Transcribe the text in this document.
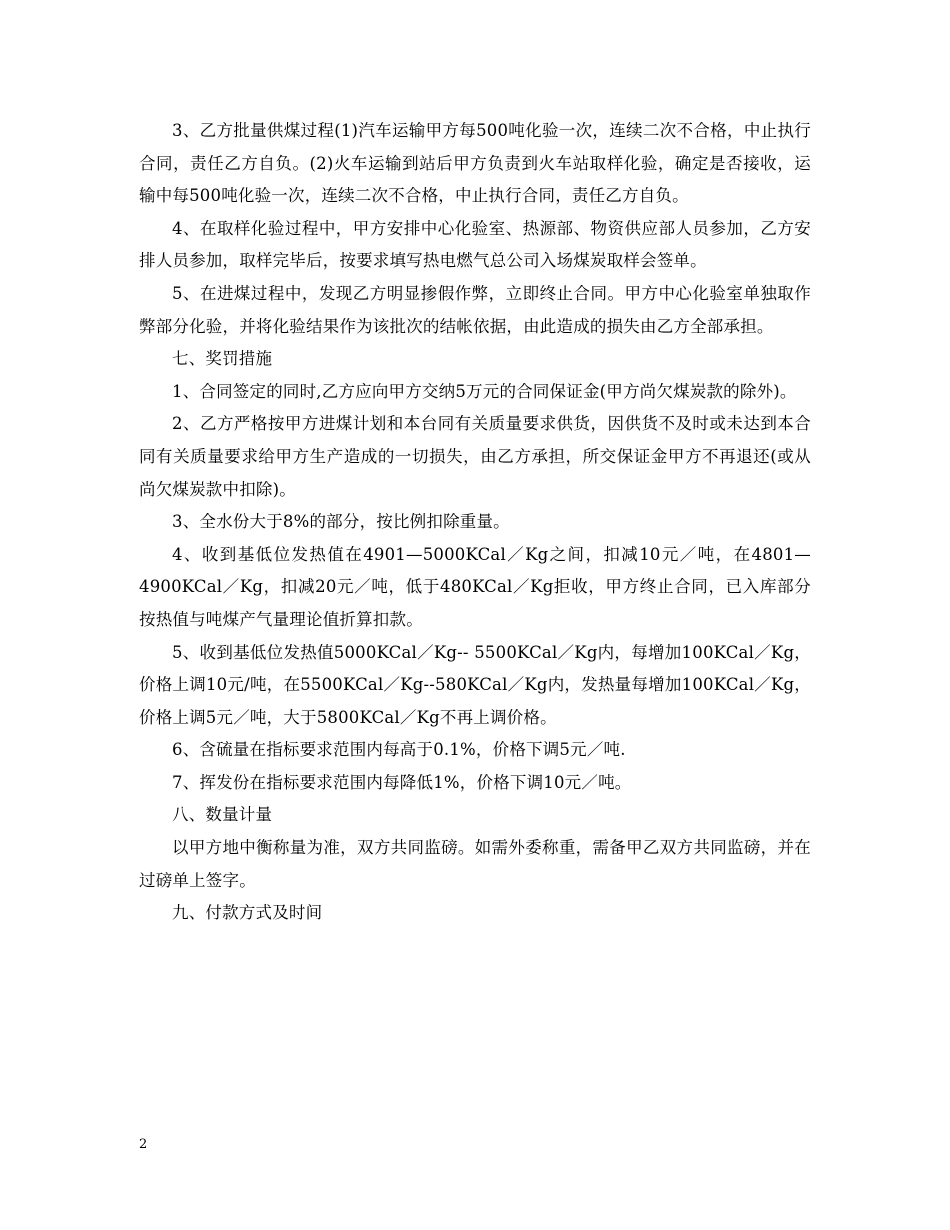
3、乙方批量供煤过程(1)汽车运输甲方每500吨化验一次，连续二次不合格，中止执行合同，责任乙方自负。(2)火车运输到站后甲方负责到火车站取样化验，确定是否接收，运输中每500吨化验一次，连续二次不合格，中止执行合同，责任乙方自负。

4、在取样化验过程中，甲方安排中心化验室、热源部、物资供应部人员参加，乙方安排人员参加，取样完毕后，按要求填写热电燃气总公司入场煤炭取样会签单。

5、在进煤过程中，发现乙方明显掺假作弊，立即终止合同。甲方中心化验室单独取作弊部分化验，并将化验结果作为该批次的结帐依据，由此造成的损失由乙方全部承担。

七、奖罚措施

1、合同签定的同时,乙方应向甲方交纳5万元的合同保证金(甲方尚欠煤炭款的除外)。

2、乙方严格按甲方进煤计划和本台同有关质量要求供货，因供货不及时或未达到本合同有关质量要求给甲方生产造成的一切损失，由乙方承担，所交保证金甲方不再退还(或从尚欠煤炭款中扣除)。

3、全水份大于8%的部分，按比例扣除重量。

4、收到基低位发热值在4901—5000KCal／Kg之间，扣减10元／吨，在4801—4900KCal／Kg，扣减20元／吨，低于480KCal／Kg拒收，甲方终止合同，已入库部分按热值与吨煤产气量理论值折算扣款。

5、收到基低位发热值5000KCal／Kg-- 5500KCal／Kg内，每增加100KCal／Kg，价格上调10元/吨，在5500KCal／Kg--580KCal／Kg内，发热量每增加100KCal／Kg，价格上调5元／吨，大于5800KCal／Kg不再上调价格。

6、含硫量在指标要求范围内每高于0.1%，价格下调5元／吨.

7、挥发份在指标要求范围内每降低1%，价格下调10元／吨。

八、数量计量

以甲方地中衡称量为准，双方共同监磅。如需外委称重，需备甲乙双方共同监磅，并在过磅单上签字。

九、付款方式及时间

2
